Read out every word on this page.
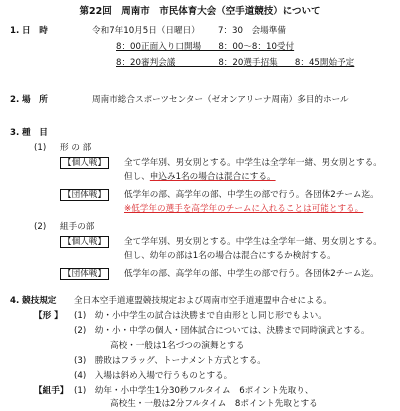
第22回　周南市　市民体育大会（空手道競技）について
1. 日　時	令和7年10月5日（日曜日） 7：30　会場準備
8：00正面入り口開場　　8：00～8：10受付
8：20審判会議　　　　　8：20選手招集　　8：45開始予定
2. 場　所	周南市総合スポーツセンター（ゼオンアリーナ周南）多目的ホール
3. 種　目
(1) 形 の 部
【個人戦】	全て学年別、男女別とする。中学生は全学年一緒、男女別とする。
但し、申込み1名の場合は混合にする。
【団体戦】	低学年の部、高学年の部、中学生の部で行う。各団体2チーム迄。
※低学年の選手を高学年のチームに入れることは可能とする。
(2) 組手の部
【個人戦】	全て学年別、男女別とする。中学生は全学年一緒、男女別とする。
但し、幼年の部は1名の場合は混合にするか検討する。
【団体戦】	低学年の部、高学年の部、中学生の部で行う。各団体2チーム迄。
4. 競技規定 全日本空手道連盟競技規定および周南市空手道連盟申合せによる。
【形 】 (1)　幼・小中学生の試合は決勝まで自由形とし同じ形でもよい。
(2)　幼・小・中学の個人・団体試合については、決勝まで同時演武とする。
高校・一般は1名づつの演舞とする
(3)　勝敗はフラッグ、トーナメント方式とする。
(4)　入場は斜め入場で行うものとする。
【組手】 (1)　幼年・小中学生1分30秒フルタイム　6ポイント先取り、
高校生・一般は2分フルタイム　8ポイント先取とする
